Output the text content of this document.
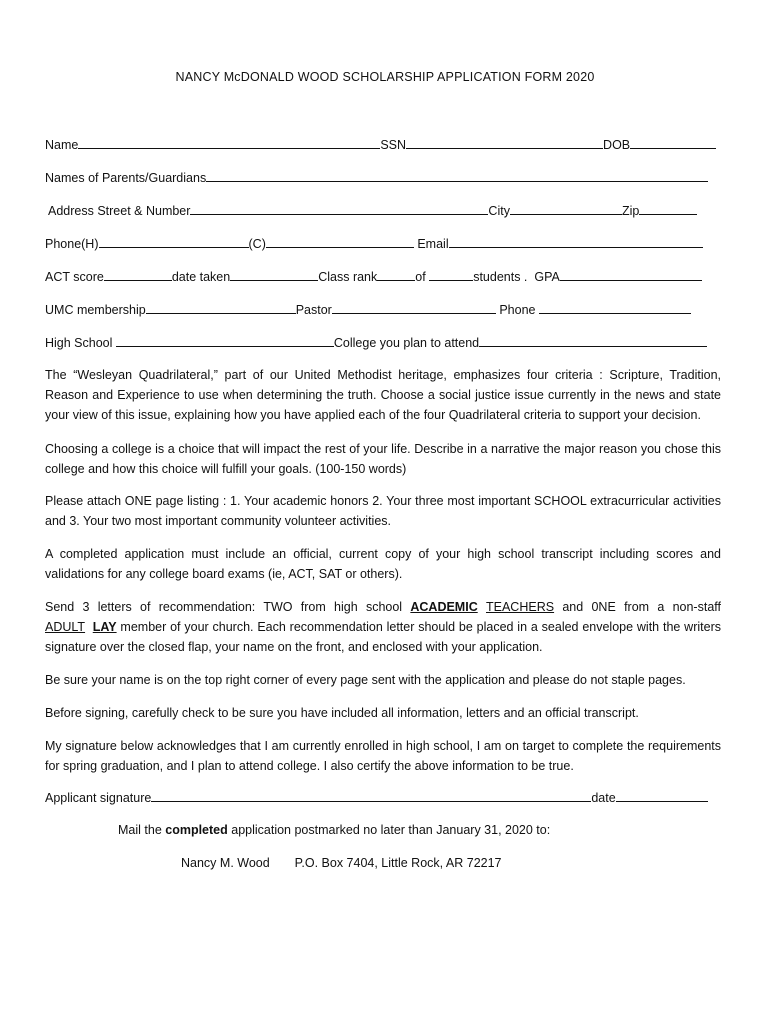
NANCY McDONALD WOOD SCHOLARSHIP APPLICATION FORM 2020
Name	SSN	DOB
Names of Parents/Guardians
Address Street & Number	City	Zip
Phone(H)	(C)	Email
ACT score	date taken	Class rank	of	students . GPA
UMC membership	Pastor	Phone
High School	College you plan to attend

The “Wesleyan Quadrilateral,” part of our United Methodist heritage, emphasizes four criteria : Scripture, Tradition, Reason and Experience to use when determining the truth. Choose a social justice issue currently in the news and state your view of this issue, explaining how you have applied each of the four Quadrilateral criteria to support your decision.

Choosing a college is a choice that will impact the rest of your life. Describe in a narrative the major reason you chose this college and how this choice will fulfill your goals. (100-150 words)

Please attach ONE page listing : 1. Your academic honors 2. Your three most important SCHOOL extracurricular activities and 3. Your two most important community volunteer activities.

A completed application must include an official, current copy of your high school transcript including scores and validations for any college board exams (ie, ACT, SAT or others).

Send 3 letters of recommendation: TWO from high school ACADEMIC TEACHERS and 0NE from a non-staff ADULT LAY member of your church. Each recommendation letter should be placed in a sealed envelope with the writers signature over the closed flap, your name on the front, and enclosed with your application.

Be sure your name is on the top right corner of every page sent with the application and please do not staple pages.

Before signing, carefully check to be sure you have included all information, letters and an official transcript.

My signature below acknowledges that I am currently enrolled in high school, I am on target to complete the requirements for spring graduation, and I plan to attend college. I also certify the above information to be true.

Applicant signature	date
Mail the completed application postmarked no later than January 31, 2020 to:
Nancy M. Wood P.O. Box 7404, Little Rock, AR 72217
